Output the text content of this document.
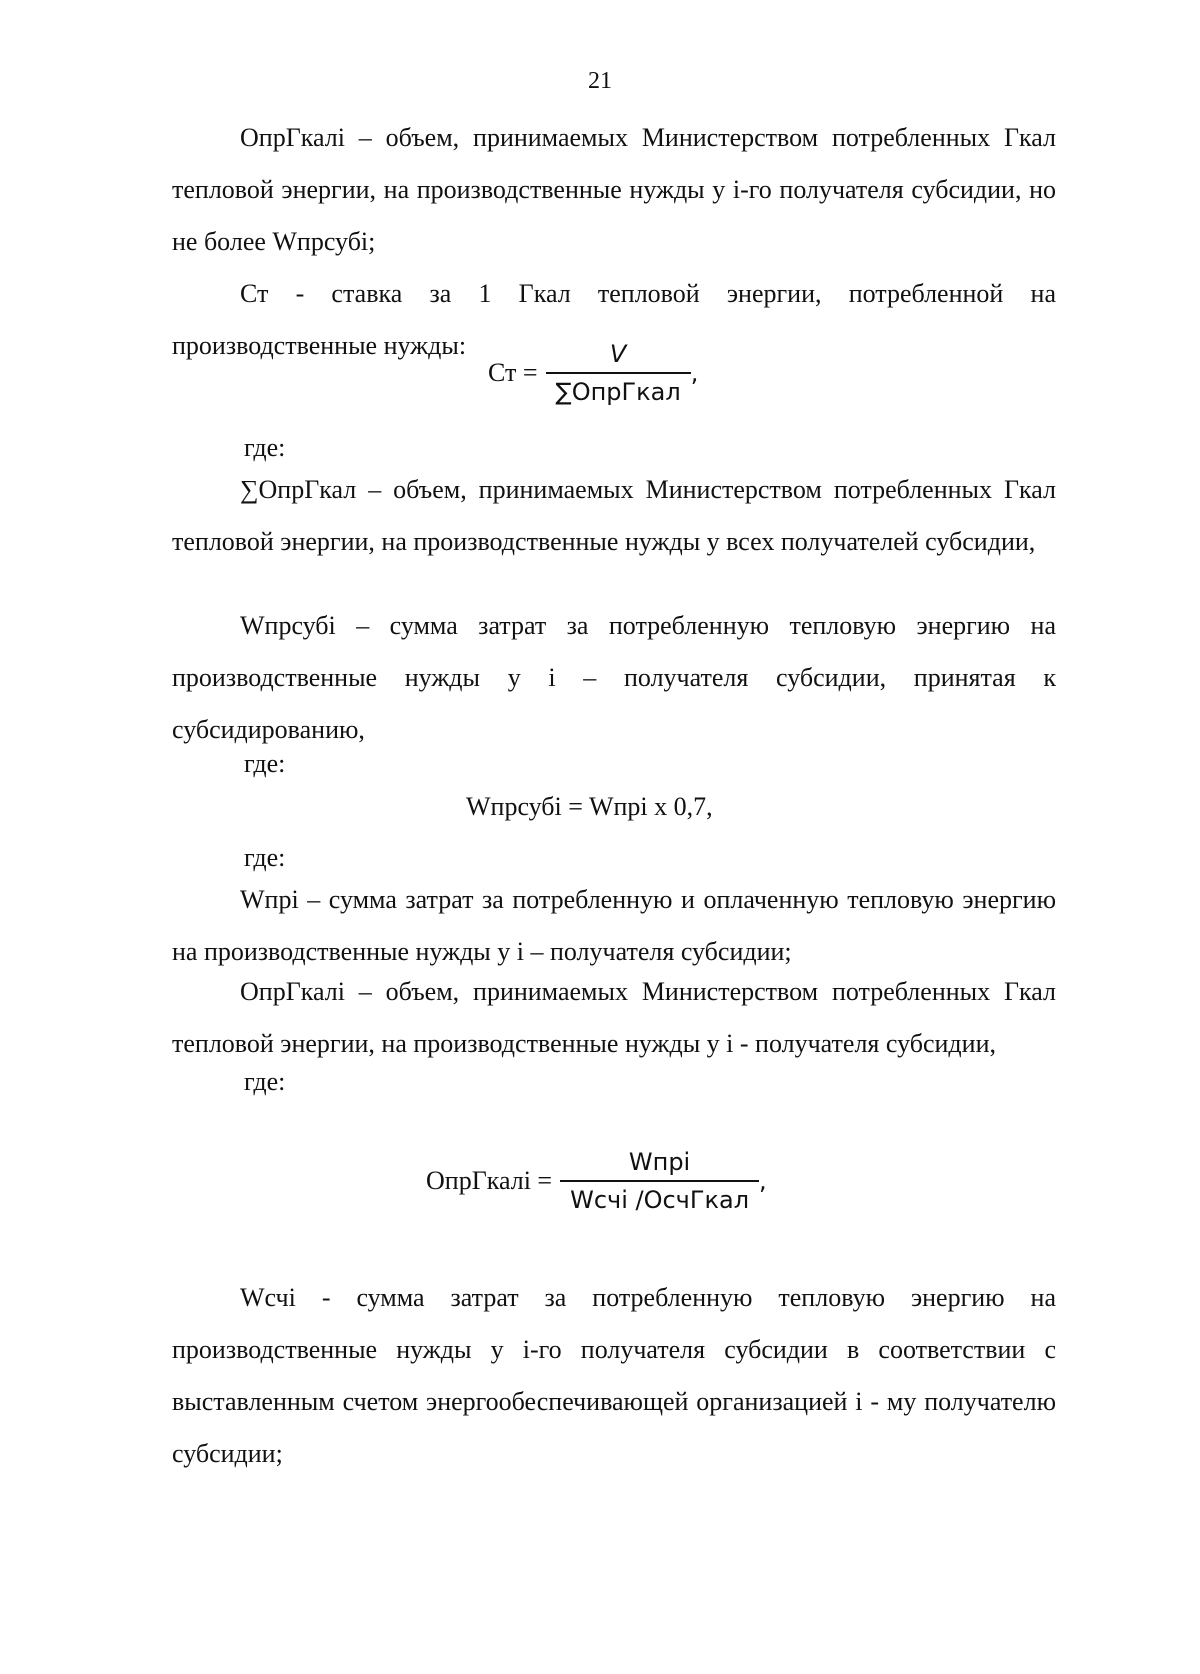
21

ОпрГкалi – объем, принимаемых Министерством потребленных Гкал тепловой энергии, на производственные нужды у i-го получателя субсидии, но не более Wпрсубi;

Ст - ставка за 1 Гкал тепловой энергии, потребленной на производственные нужды:

Ст = $\frac{V}{\text{∑ОпрГкал}}$ ,

где:

∑ОпрГкал – объем, принимаемых Министерством потребленных Гкал тепловой энергии, на производственные нужды у всех получателей субсидии,

Wпрсубi – сумма затрат за потребленную тепловую энергию на производственные нужды у i – получателя субсидии, принятая к субсидированию,

где:

Wпрсубi = Wпрi х 0,7,

где:

Wпрi – сумма затрат за потребленную и оплаченную тепловую энергию на производственные нужды у i – получателя субсидии;

ОпрГкалi – объем, принимаемых Министерством потребленных Гкал тепловой энергии, на производственные нужды у i - получателя субсидии,

где:

ОпрГкалi = $\frac{\text{Wпрi}}{\text{Wсчi /ОсчГкал}}$ ,

Wсчi - сумма затрат за потребленную тепловую энергию на производственные нужды у i-го получателя субсидии в соответствии с выставленным счетом энергообеспечивающей организацией i - му получателю субсидии;
